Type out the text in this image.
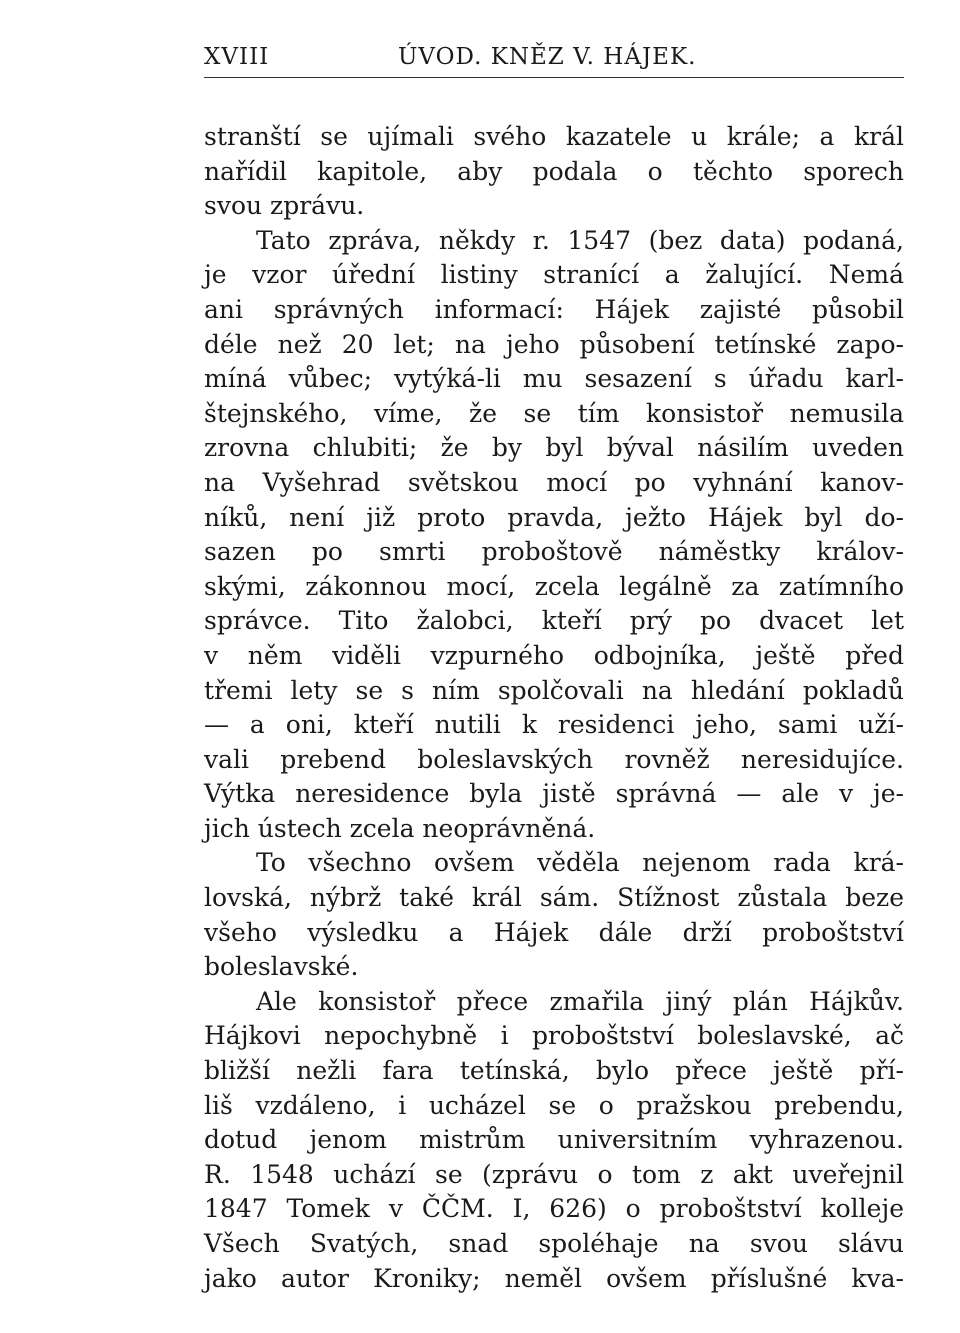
XVIII	ÚVOD. KNĚZ V. HÁJEK.
stranští se ujímali svého kazatele u krále; a král
nařídil kapitole, aby podala o těchto sporech
svou zprávu.
Tato zpráva, někdy r. 1547 (bez data) podaná,
je vzor úřední listiny stranící a žalující. Nemá
ani správných informací: Hájek zajisté působil
déle než 20 let; na jeho působení tetínské zapo-
míná vůbec; vytýká-li mu sesazení s úřadu karl-
štejnského, víme, že se tím konsistoř nemusila
zrovna chlubiti; že by byl býval násilím uveden
na Vyšehrad světskou mocí po vyhnání kanov-
níků, není již proto pravda, ježto Hájek byl do-
sazen po smrti proboštově náměstky králov-
skými, zákonnou mocí, zcela legálně za zatímního
správce. Tito žalobci, kteří prý po dvacet let
v něm viděli vzpurného odbojníka, ještě před
třemi lety se s ním spolčovali na hledání pokladů
— a oni, kteří nutili k residenci jeho, sami uží-
vali prebend boleslavských rovněž neresidujíce.
Výtka neresidence byla jistě správná — ale v je-
jich ústech zcela neoprávněná.
To všechno ovšem věděla nejenom rada krá-
lovská, nýbrž také král sám. Stížnost zůstala beze
všeho výsledku a Hájek dále drží proboštství
boleslavské.
Ale konsistoř přece zmařila jiný plán Hájkův.
Hájkovi nepochybně i proboštství boleslavské, ač
bližší nežli fara tetínská, bylo přece ještě pří-
liš vzdáleno, i ucházel se o pražskou prebendu,
dotud jenom mistrům universitním vyhrazenou.
R. 1548 uchází se (zprávu o tom z akt uveřejnil
1847 Tomek v ČČM. I, 626) o proboštství kolleje
Všech Svatých, snad spoléhaje na svou slávu
jako autor Kroniky; neměl ovšem příslušné kva-
